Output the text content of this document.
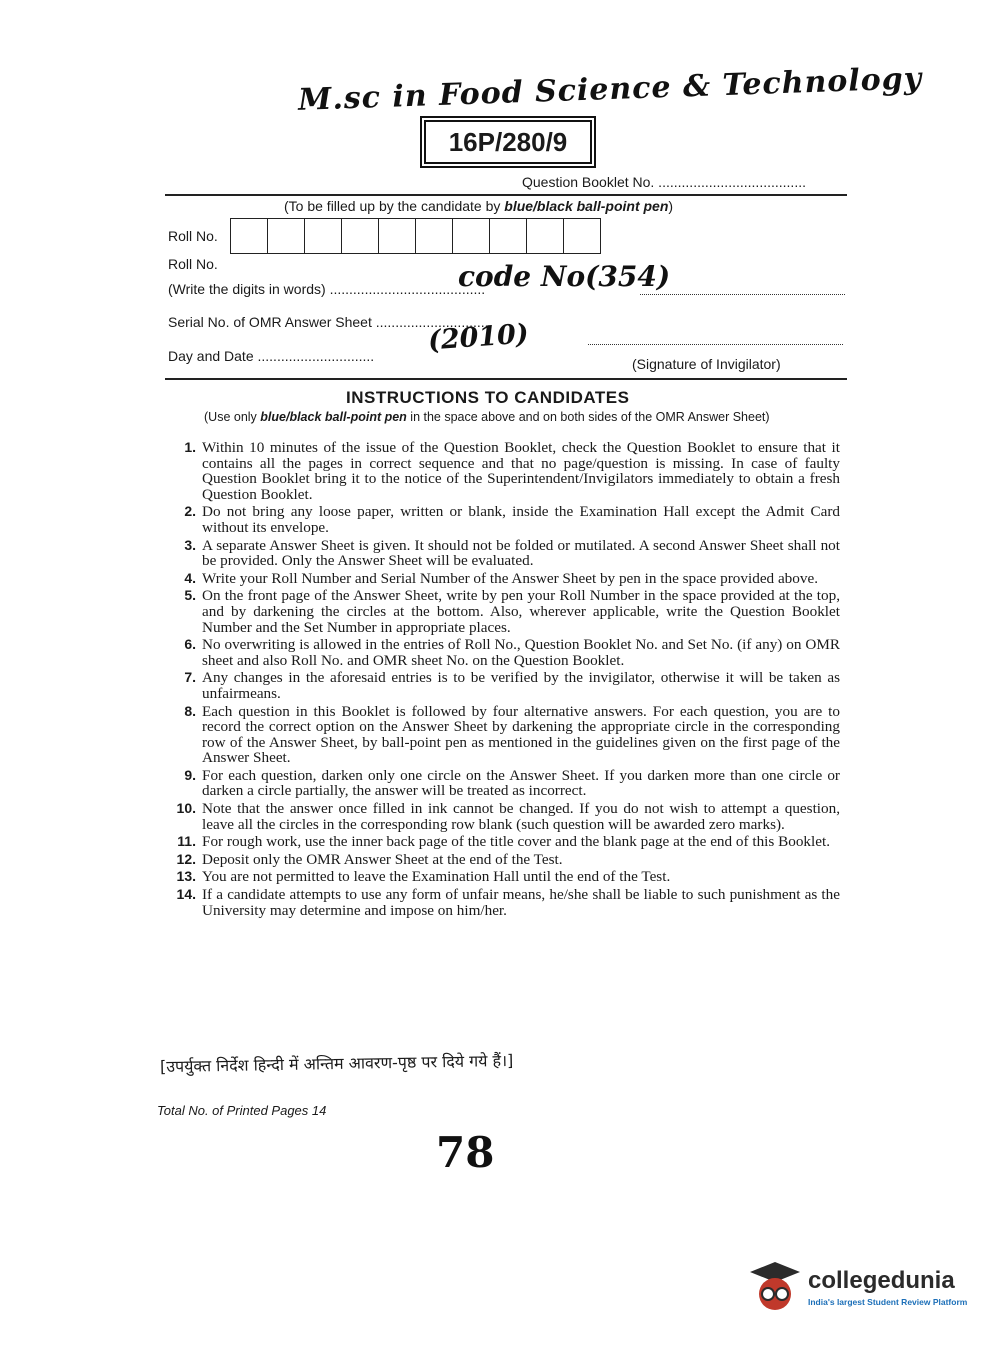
M.sc in Food Science & Technology
16P/280/9
Question Booklet No. ......................................
(To be filled up by the candidate by blue/black ball-point pen)
Roll No.
Roll No.
(Write the digits in words) ........................................
code No(354)
Serial No. of OMR Answer Sheet ..............................
(2010)
Day and Date ..............................	(Signature of Invigilator)
INSTRUCTIONS TO CANDIDATES
(Use only blue/black ball-point pen in the space above and on both sides of the OMR Answer Sheet)
1. Within 10 minutes of the issue of the Question Booklet, check the Question Booklet to ensure that it contains all the pages in correct sequence and that no page/question is missing. In case of faulty Question Booklet bring it to the notice of the Superintendent/Invigilators immediately to obtain a fresh Question Booklet.
2. Do not bring any loose paper, written or blank, inside the Examination Hall except the Admit Card without its envelope.
3. A separate Answer Sheet is given. It should not be folded or mutilated. A second Answer Sheet shall not be provided. Only the Answer Sheet will be evaluated.
4. Write your Roll Number and Serial Number of the Answer Sheet by pen in the space provided above.
5. On the front page of the Answer Sheet, write by pen your Roll Number in the space provided at the top, and by darkening the circles at the bottom. Also, wherever applicable, write the Question Booklet Number and the Set Number in appropriate places.
6. No overwriting is allowed in the entries of Roll No., Question Booklet No. and Set No. (if any) on OMR sheet and also Roll No. and OMR sheet No. on the Question Booklet.
7. Any changes in the aforesaid entries is to be verified by the invigilator, otherwise it will be taken as unfairmeans.
8. Each question in this Booklet is followed by four alternative answers. For each question, you are to record the correct option on the Answer Sheet by darkening the appropriate circle in the corresponding row of the Answer Sheet, by ball-point pen as mentioned in the guidelines given on the first page of the Answer Sheet.
9. For each question, darken only one circle on the Answer Sheet. If you darken more than one circle or darken a circle partially, the answer will be treated as incorrect.
10. Note that the answer once filled in ink cannot be changed. If you do not wish to attempt a question, leave all the circles in the corresponding row blank (such question will be awarded zero marks).
11. For rough work, use the inner back page of the title cover and the blank page at the end of this Booklet.
12. Deposit only the OMR Answer Sheet at the end of the Test.
13. You are not permitted to leave the Examination Hall until the end of the Test.
14. If a candidate attempts to use any form of unfair means, he/she shall be liable to such punishment as the University may determine and impose on him/her.
[उपर्युक्त निर्देश हिन्दी में अन्तिम आवरण-पृष्ठ पर दिये गये हैं।]
Total No. of Printed Pages 14
78
collegedunia
India's largest Student Review Platform
